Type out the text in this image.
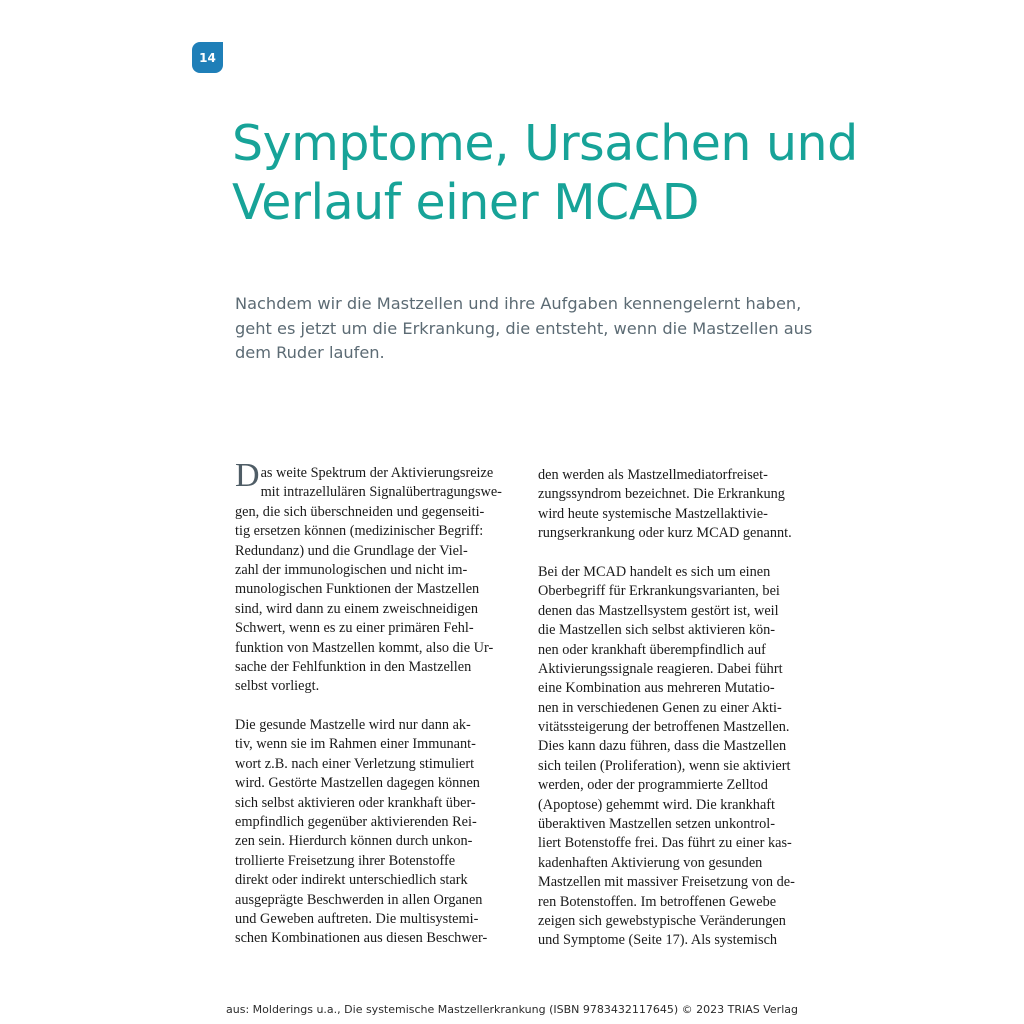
14
Symptome, Ursachen und
Verlauf einer MCAD

Nachdem wir die Mastzellen und ihre Aufgaben kennengelernt haben,
geht es jetzt um die Erkrankung, die entsteht, wenn die Mastzellen aus
dem Ruder laufen.

D as weite Spektrum der Aktivierungsreize
mit intrazellulären Signalübertragungswe-
gen, die sich überschneiden und gegenseiti-
tig ersetzen können (medizinischer Begriff:
Redundanz) und die Grundlage der Viel-
zahl der immunologischen und nicht im-
munologischen Funktionen der Mastzellen
sind, wird dann zu einem zweischneidigen
Schwert, wenn es zu einer primären Fehl-
funktion von Mastzellen kommt, also die Ur-
sache der Fehlfunktion in den Mastzellen
selbst vorliegt.
Die gesunde Mastzelle wird nur dann ak-
tiv, wenn sie im Rahmen einer Immunant-
wort z.B. nach einer Verletzung stimuliert
wird. Gestörte Mastzellen dagegen können
sich selbst aktivieren oder krankhaft über-
empfindlich gegenüber aktivierenden Rei-
zen sein. Hierdurch können durch unkon-
trollierte Freisetzung ihrer Botenstoffe
direkt oder indirekt unterschiedlich stark
ausgeprägte Beschwerden in allen Organen
und Geweben auftreten. Die multisystemi-
schen Kombinationen aus diesen Beschwer-
den werden als Mastzellmediatorfreiset-
zungssyndrom bezeichnet. Die Erkrankung
wird heute systemische Mastzellaktivie-
rungserkrankung oder kurz MCAD genannt.
Bei der MCAD handelt es sich um einen
Oberbegriff für Erkrankungsvarianten, bei
denen das Mastzellsystem gestört ist, weil
die Mastzellen sich selbst aktivieren kön-
nen oder krankhaft überempfindlich auf
Aktivierungssignale reagieren. Dabei führt
eine Kombination aus mehreren Mutatio-
nen in verschiedenen Genen zu einer Akti-
vitätssteigerung der betroffenen Mastzellen.
Dies kann dazu führen, dass die Mastzellen
sich teilen (Proliferation), wenn sie aktiviert
werden, oder der programmierte Zelltod
(Apoptose) gehemmt wird. Die krankhaft
überaktiven Mastzellen setzen unkontrol-
liert Botenstoffe frei. Das führt zu einer kas-
kadenhaften Aktivierung von gesunden
Mastzellen mit massiver Freisetzung von de-
ren Botenstoffen. Im betroffenen Gewebe
zeigen sich gewebstypische Veränderungen
und Symptome (Seite 17). Als systemisch
aus: Molderings u.a., Die systemische Mastzellerkrankung (ISBN 9783432117645) © 2023 TRIAS Verlag
